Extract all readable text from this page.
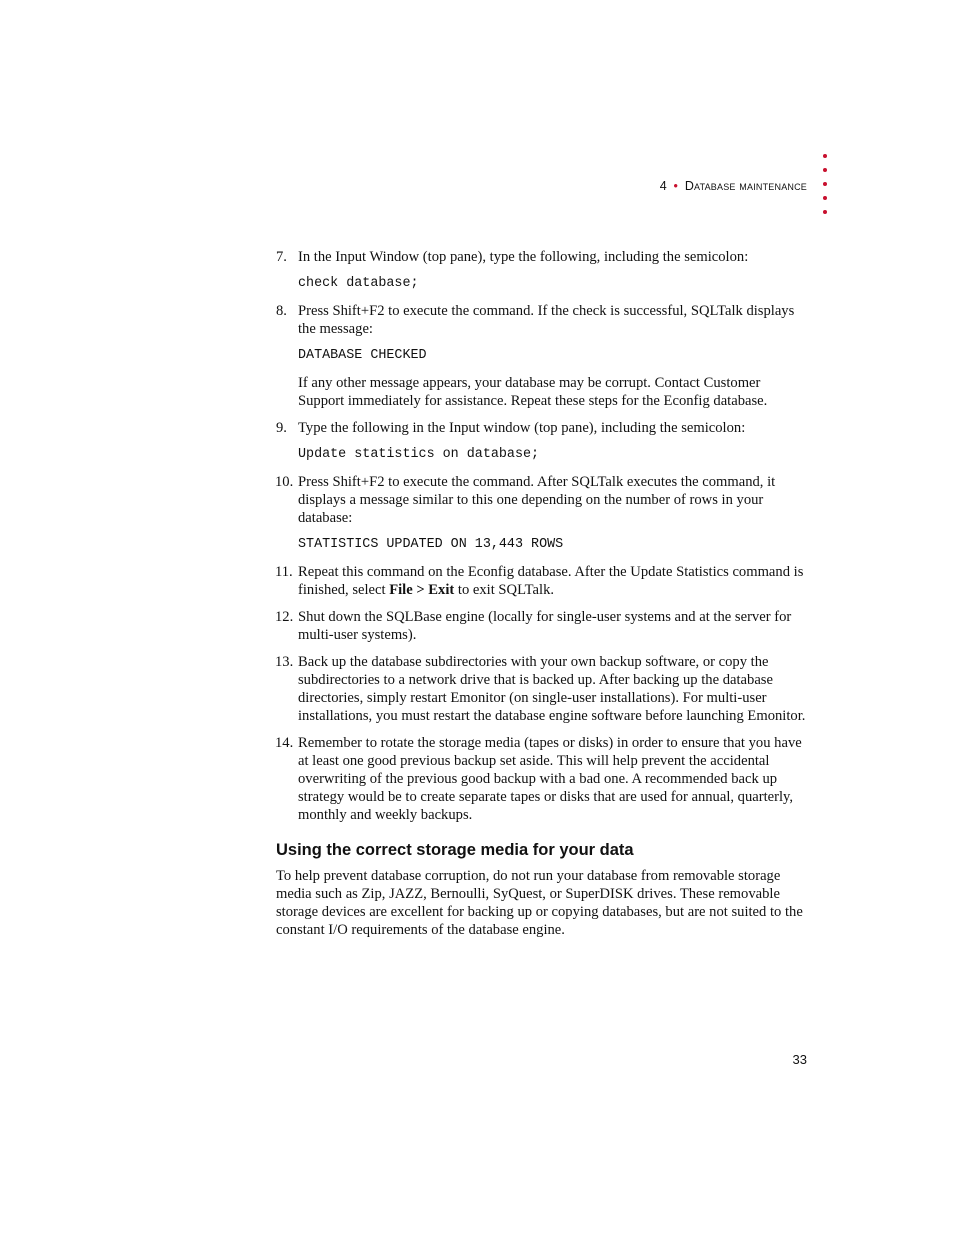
4 • Database maintenance
7. In the Input Window (top pane), type the following, including the semicolon:

check database;
8. Press Shift+F2 to execute the command. If the check is successful, SQLTalk displays the message:

DATABASE CHECKED

If any other message appears, your database may be corrupt. Contact Customer Support immediately for assistance. Repeat these steps for the Econfig database.

9. Type the following in the Input window (top pane), including the semicolon:

Update statistics on database;
10. Press Shift+F2 to execute the command. After SQLTalk executes the command, it displays a message similar to this one depending on the number of rows in your database:

STATISTICS UPDATED ON 13,443 ROWS
11. Repeat this command on the Econfig database. After the Update Statistics command is finished, select File > Exit to exit SQLTalk.

12. Shut down the SQLBase engine (locally for single-user systems and at the server for multi-user systems).

13. Back up the database subdirectories with your own backup software, or copy the subdirectories to a network drive that is backed up. After backing up the database directories, simply restart Emonitor (on single-user installations). For multi-user installations, you must restart the database engine software before launching Emonitor.

14. Remember to rotate the storage media (tapes or disks) in order to ensure that you have at least one good previous backup set aside. This will help prevent the accidental overwriting of the previous good backup with a bad one. A recommended back up strategy would be to create separate tapes or disks that are used for annual, quarterly, monthly and weekly backups.

Using the correct storage media for your data

To help prevent database corruption, do not run your database from removable storage media such as Zip, JAZZ, Bernoulli, SyQuest, or SuperDISK drives. These removable storage devices are excellent for backing up or copying databases, but are not suited to the constant I/O requirements of the database engine.

33
